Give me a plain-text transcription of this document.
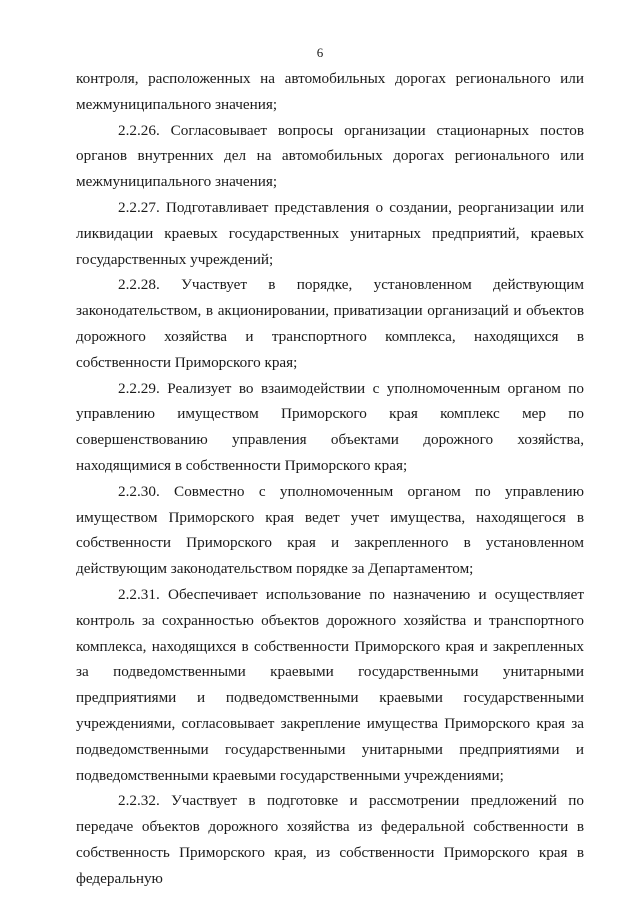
6

контроля, расположенных на автомобильных дорогах регионального или межмуниципального значения;

2.2.26. Согласовывает вопросы организации стационарных постов органов внутренних дел на автомобильных дорогах регионального или межмуниципального значения;

2.2.27. Подготавливает представления о создании, реорганизации или ликвидации краевых государственных унитарных предприятий, краевых государственных учреждений;

2.2.28. Участвует в порядке, установленном действующим законодательством, в акционировании, приватизации организаций и объектов дорожного хозяйства и транспортного комплекса, находящихся в собственности Приморского края;

2.2.29. Реализует во взаимодействии с уполномоченным органом по управлению имуществом Приморского края комплекс мер по совершенствованию управления объектами дорожного хозяйства, находящимися в собственности Приморского края;

2.2.30. Совместно с уполномоченным органом по управлению имуществом Приморского края ведет учет имущества, находящегося в собственности Приморского края и закрепленного в установленном действующим законодательством порядке за Департаментом;

2.2.31. Обеспечивает использование по назначению и осуществляет контроль за сохранностью объектов дорожного хозяйства и транспортного комплекса, находящихся в собственности Приморского края и закрепленных за подведомственными краевыми государственными унитарными предприятиями и подведомственными краевыми государственными учреждениями, согласовывает закрепление имущества Приморского края за подведомственными государственными унитарными предприятиями и подведомственными краевыми государственными учреждениями;

2.2.32. Участвует в подготовке и рассмотрении предложений по передаче объектов дорожного хозяйства из федеральной собственности в собственность Приморского края, из собственности Приморского края в федеральную
